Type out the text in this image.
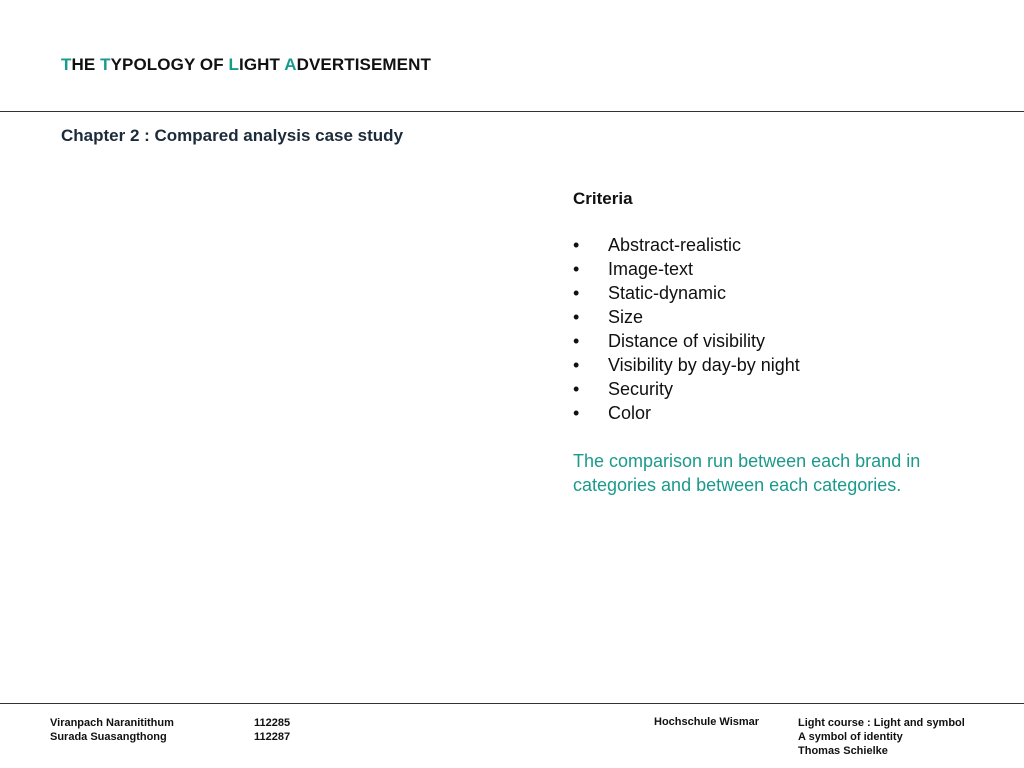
THE TYPOLOGY OF LIGHT ADVERTISEMENT
Chapter 2 : Compared analysis case study
Criteria
• Abstract-realistic
• Image-text
• Static-dynamic
• Size
• Distance of visibility
• Visibility by day-by night
• Security
• Color
The comparison run between each brand in categories and between each categories.
Viranpach Naranitithum
Surada Suasangthong
112285
112287
Hochschule Wismar	Light course : Light and symbol
A symbol of identity
Thomas Schielke
